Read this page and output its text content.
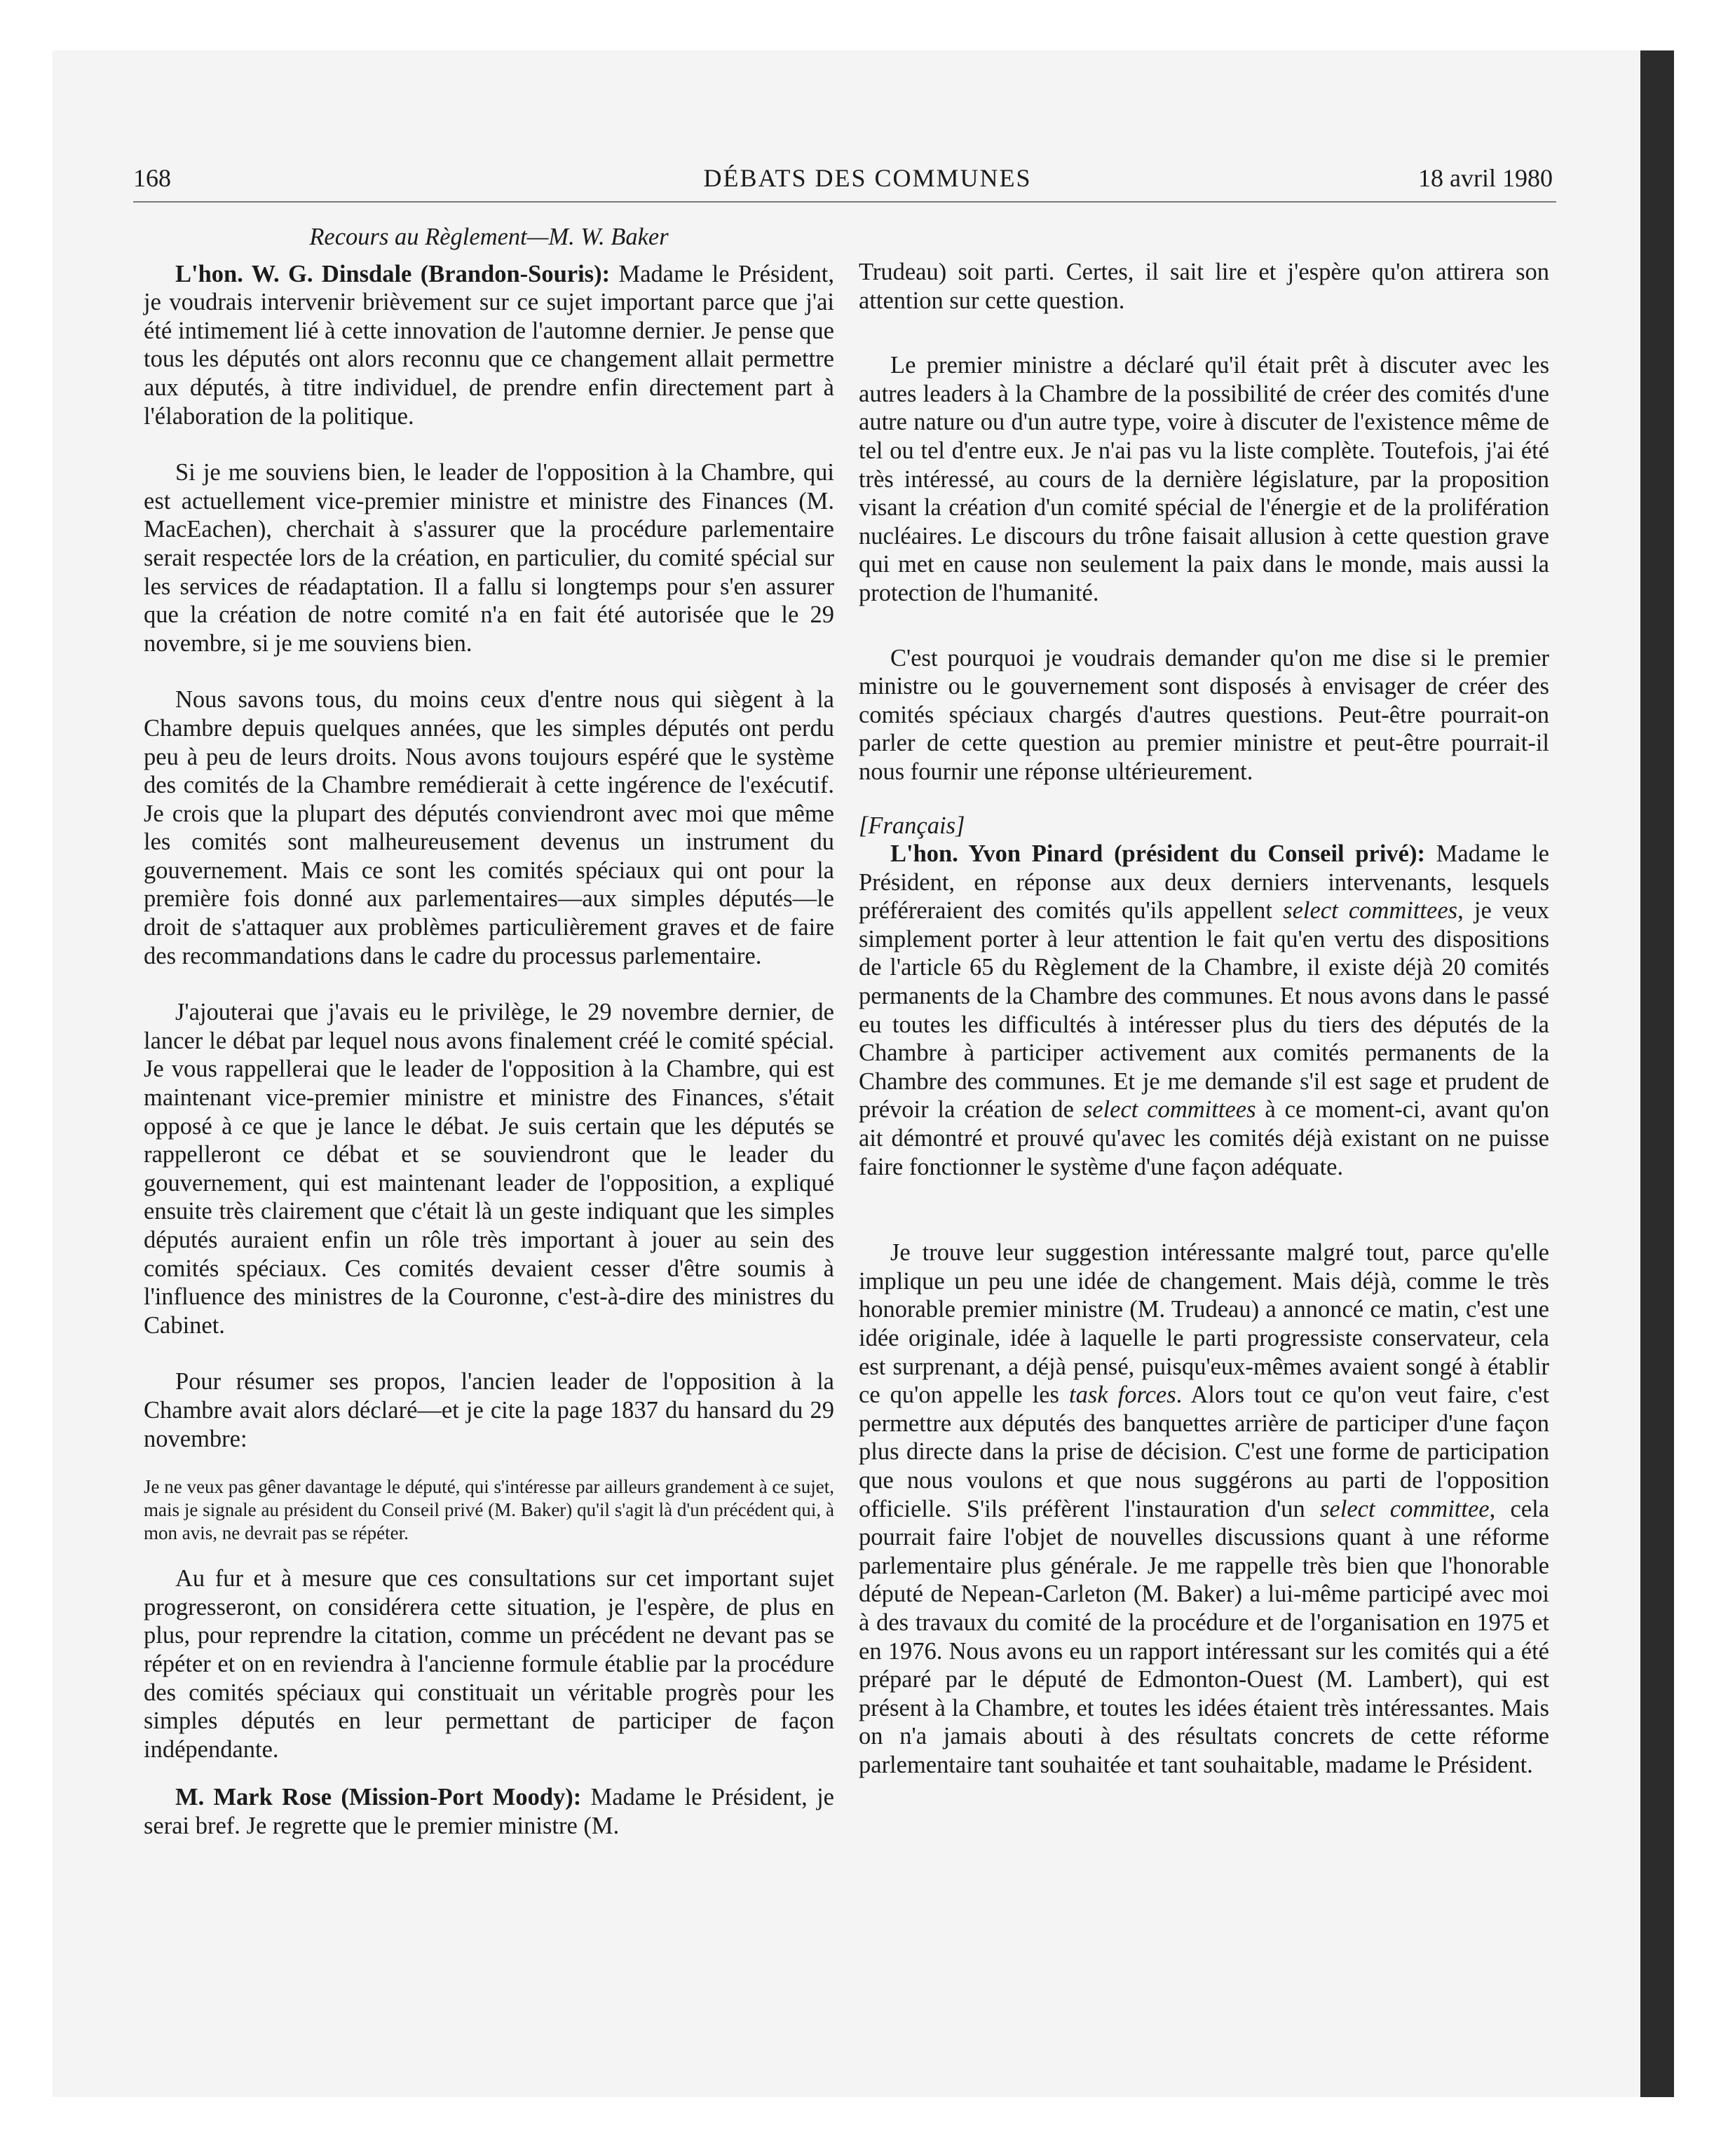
168	DÉBATS DES COMMUNES	18 avril 1980

Recours au Règlement—M. W. Baker

L'hon. W. G. Dinsdale (Brandon-Souris): Madame le Président, je voudrais intervenir brièvement sur ce sujet important parce que j'ai été intimement lié à cette innovation de l'automne dernier. Je pense que tous les députés ont alors reconnu que ce changement allait permettre aux députés, à titre individuel, de prendre enfin directement part à l'élaboration de la politique.

Si je me souviens bien, le leader de l'opposition à la Chambre, qui est actuellement vice-premier ministre et ministre des Finances (M. MacEachen), cherchait à s'assurer que la procédure parlementaire serait respectée lors de la création, en particulier, du comité spécial sur les services de réadaptation. Il a fallu si longtemps pour s'en assurer que la création de notre comité n'a en fait été autorisée que le 29 novembre, si je me souviens bien.

Nous savons tous, du moins ceux d'entre nous qui siègent à la Chambre depuis quelques années, que les simples députés ont perdu peu à peu de leurs droits. Nous avons toujours espéré que le système des comités de la Chambre remédierait à cette ingérence de l'exécutif. Je crois que la plupart des députés conviendront avec moi que même les comités sont malheureusement devenus un instrument du gouvernement. Mais ce sont les comités spéciaux qui ont pour la première fois donné aux parlementaires—aux simples députés—le droit de s'attaquer aux problèmes particulièrement graves et de faire des recommandations dans le cadre du processus parlementaire.

J'ajouterai que j'avais eu le privilège, le 29 novembre dernier, de lancer le débat par lequel nous avons finalement créé le comité spécial. Je vous rappellerai que le leader de l'opposition à la Chambre, qui est maintenant vice-premier ministre et ministre des Finances, s'était opposé à ce que je lance le débat. Je suis certain que les députés se rappelleront ce débat et se souviendront que le leader du gouvernement, qui est maintenant leader de l'opposition, a expliqué ensuite très clairement que c'était là un geste indiquant que les simples députés auraient enfin un rôle très important à jouer au sein des comités spéciaux. Ces comités devaient cesser d'être soumis à l'influence des ministres de la Couronne, c'est-à-dire des ministres du Cabinet.

Pour résumer ses propos, l'ancien leader de l'opposition à la Chambre avait alors déclaré—et je cite la page 1837 du hansard du 29 novembre:

Je ne veux pas gêner davantage le député, qui s'intéresse par ailleurs grandement à ce sujet, mais je signale au président du Conseil privé (M. Baker) qu'il s'agit là d'un précédent qui, à mon avis, ne devrait pas se répéter.

Au fur et à mesure que ces consultations sur cet important sujet progresseront, on considérera cette situation, je l'espère, de plus en plus, pour reprendre la citation, comme un précédent ne devant pas se répéter et on en reviendra à l'ancienne formule établie par la procédure des comités spéciaux qui constituait un véritable progrès pour les simples députés en leur permettant de participer de façon indépendante.

M. Mark Rose (Mission-Port Moody): Madame le Président, je serai bref. Je regrette que le premier ministre (M.

Trudeau) soit parti. Certes, il sait lire et j'espère qu'on attirera son attention sur cette question.

Le premier ministre a déclaré qu'il était prêt à discuter avec les autres leaders à la Chambre de la possibilité de créer des comités d'une autre nature ou d'un autre type, voire à discuter de l'existence même de tel ou tel d'entre eux. Je n'ai pas vu la liste complète. Toutefois, j'ai été très intéressé, au cours de la dernière législature, par la proposition visant la création d'un comité spécial de l'énergie et de la prolifération nucléaires. Le discours du trône faisait allusion à cette question grave qui met en cause non seulement la paix dans le monde, mais aussi la protection de l'humanité.

C'est pourquoi je voudrais demander qu'on me dise si le premier ministre ou le gouvernement sont disposés à envisager de créer des comités spéciaux chargés d'autres questions. Peut-être pourrait-on parler de cette question au premier ministre et peut-être pourrait-il nous fournir une réponse ultérieurement.

[Français]

L'hon. Yvon Pinard (président du Conseil privé): Madame le Président, en réponse aux deux derniers intervenants, lesquels préféreraient des comités qu'ils appellent select committees, je veux simplement porter à leur attention le fait qu'en vertu des dispositions de l'article 65 du Règlement de la Chambre, il existe déjà 20 comités permanents de la Chambre des communes. Et nous avons dans le passé eu toutes les difficultés à intéresser plus du tiers des députés de la Chambre à participer activement aux comités permanents de la Chambre des communes. Et je me demande s'il est sage et prudent de prévoir la création de select committees à ce moment-ci, avant qu'on ait démontré et prouvé qu'avec les comités déjà existant on ne puisse faire fonctionner le système d'une façon adéquate.

Je trouve leur suggestion intéressante malgré tout, parce qu'elle implique un peu une idée de changement. Mais déjà, comme le très honorable premier ministre (M. Trudeau) a annoncé ce matin, c'est une idée originale, idée à laquelle le parti progressiste conservateur, cela est surprenant, a déjà pensé, puisqu'eux-mêmes avaient songé à établir ce qu'on appelle les task forces. Alors tout ce qu'on veut faire, c'est permettre aux députés des banquettes arrière de participer d'une façon plus directe dans la prise de décision. C'est une forme de participation que nous voulons et que nous suggérons au parti de l'opposition officielle. S'ils préfèrent l'instauration d'un select committee, cela pourrait faire l'objet de nouvelles discussions quant à une réforme parlementaire plus générale. Je me rappelle très bien que l'honorable député de Nepean-Carleton (M. Baker) a lui-même participé avec moi à des travaux du comité de la procédure et de l'organisation en 1975 et en 1976. Nous avons eu un rapport intéressant sur les comités qui a été préparé par le député de Edmonton-Ouest (M. Lambert), qui est présent à la Chambre, et toutes les idées étaient très intéressantes. Mais on n'a jamais abouti à des résultats concrets de cette réforme parlementaire tant souhaitée et tant souhaitable, madame le Président.
